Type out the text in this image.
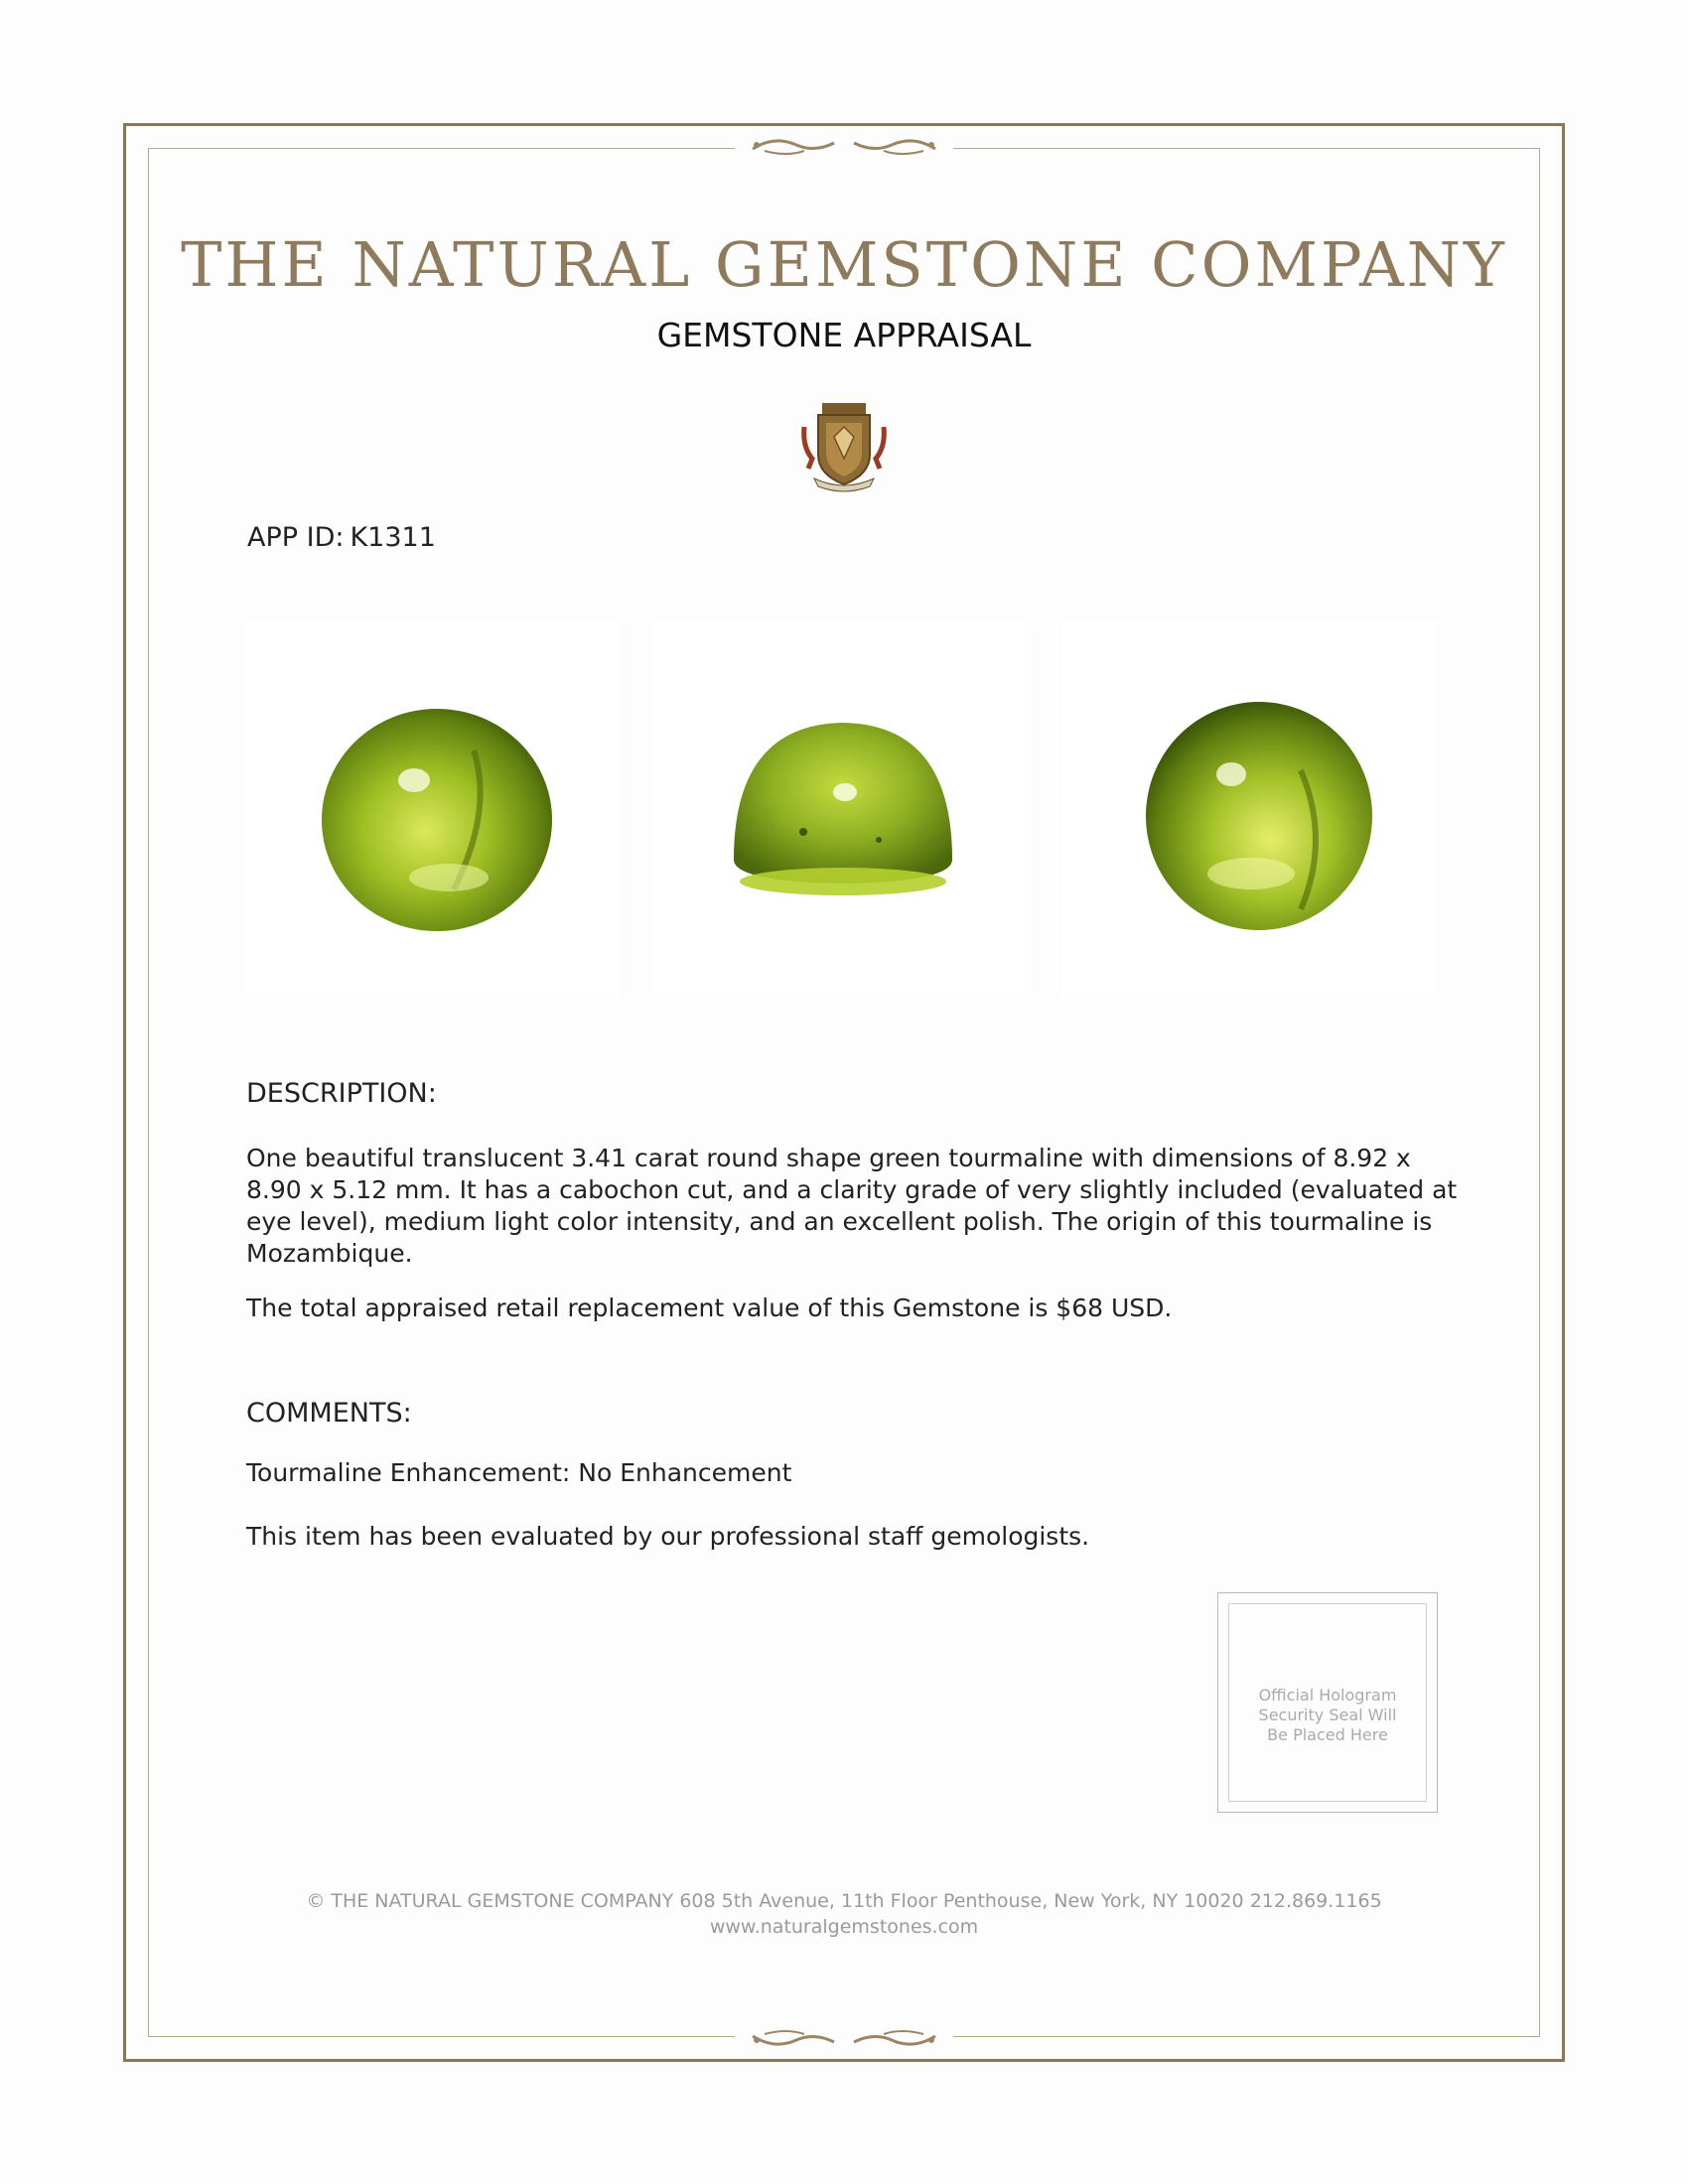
THE NATURAL GEMSTONE COMPANY
GEMSTONE APPRAISAL
APP ID: K1311
DESCRIPTION:
One beautiful translucent 3.41 carat round shape green tourmaline with dimensions of 8.92 x 8.90 x 5.12 mm. It has a cabochon cut, and a clarity grade of very slightly included (evaluated at eye level), medium light color intensity, and an excellent polish. The origin of this tourmaline is Mozambique.
The total appraised retail replacement value of this Gemstone is $68 USD.
COMMENTS:
Tourmaline Enhancement: No Enhancement
This item has been evaluated by our professional staff gemologists.
Official Hologram
Security Seal Will
Be Placed Here
© THE NATURAL GEMSTONE COMPANY 608 5th Avenue, 11th Floor Penthouse, New York, NY 10020 212.869.1165
www.naturalgemstones.com
